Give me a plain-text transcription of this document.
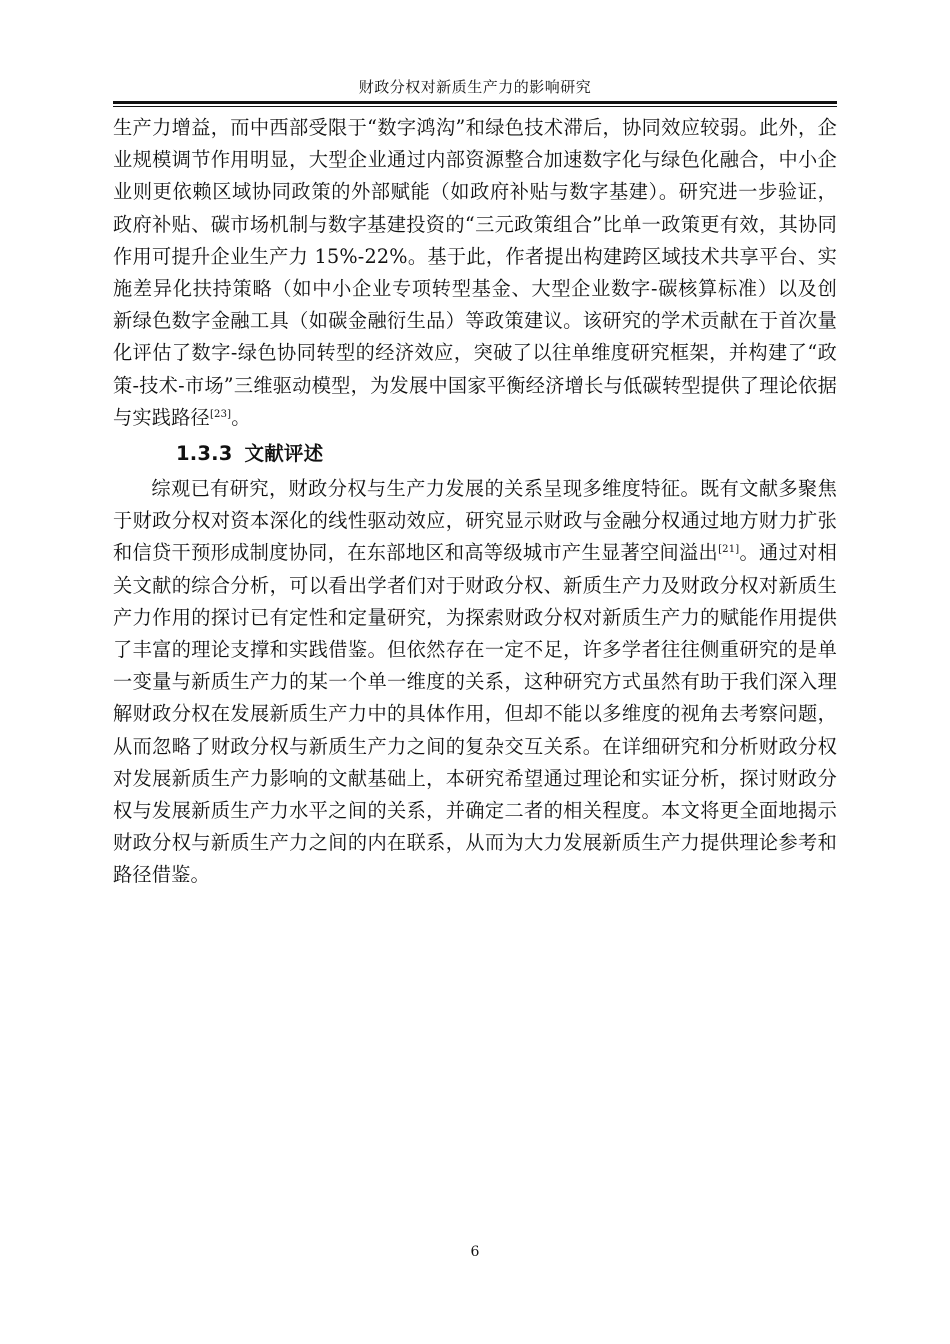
财政分权对新质生产力的影响研究

生产力增益，而中西部受限于“数字鸿沟”和绿色技术滞后，协同效应较弱。此外，企业规模调节作用明显，大型企业通过内部资源整合加速数字化与绿色化融合，中小企业则更依赖区域协同政策的外部赋能（如政府补贴与数字基建）。研究进一步验证，政府补贴、碳市场机制与数字基建投资的“三元政策组合”比单一政策更有效，其协同作用可提升企业生产力 15%-22%。基于此，作者提出构建跨区域技术共享平台、实施差异化扶持策略（如中小企业专项转型基金、大型企业数字-碳核算标准）以及创新绿色数字金融工具（如碳金融衍生品）等政策建议。该研究的学术贡献在于首次量化评估了数字-绿色协同转型的经济效应，突破了以往单维度研究框架，并构建了“政策-技术-市场”三维驱动模型，为发展中国家平衡经济增长与低碳转型提供了理论依据与实践路径[23]。

1.3.3 文献评述

综观已有研究，财政分权与生产力发展的关系呈现多维度特征。既有文献多聚焦于财政分权对资本深化的线性驱动效应，研究显示财政与金融分权通过地方财力扩张和信贷干预形成制度协同，在东部地区和高等级城市产生显著空间溢出[21]。通过对相关文献的综合分析，可以看出学者们对于财政分权、新质生产力及财政分权对新质生产力作用的探讨已有定性和定量研究，为探索财政分权对新质生产力的赋能作用提供了丰富的理论支撑和实践借鉴。但依然存在一定不足，许多学者往往侧重研究的是单一变量与新质生产力的某一个单一维度的关系，这种研究方式虽然有助于我们深入理解财政分权在发展新质生产力中的具体作用，但却不能以多维度的视角去考察问题，从而忽略了财政分权与新质生产力之间的复杂交互关系。在详细研究和分析财政分权对发展新质生产力影响的文献基础上，本研究希望通过理论和实证分析，探讨财政分权与发展新质生产力水平之间的关系，并确定二者的相关程度。本文将更全面地揭示财政分权与新质生产力之间的内在联系，从而为大力发展新质生产力提供理论参考和路径借鉴。

6
